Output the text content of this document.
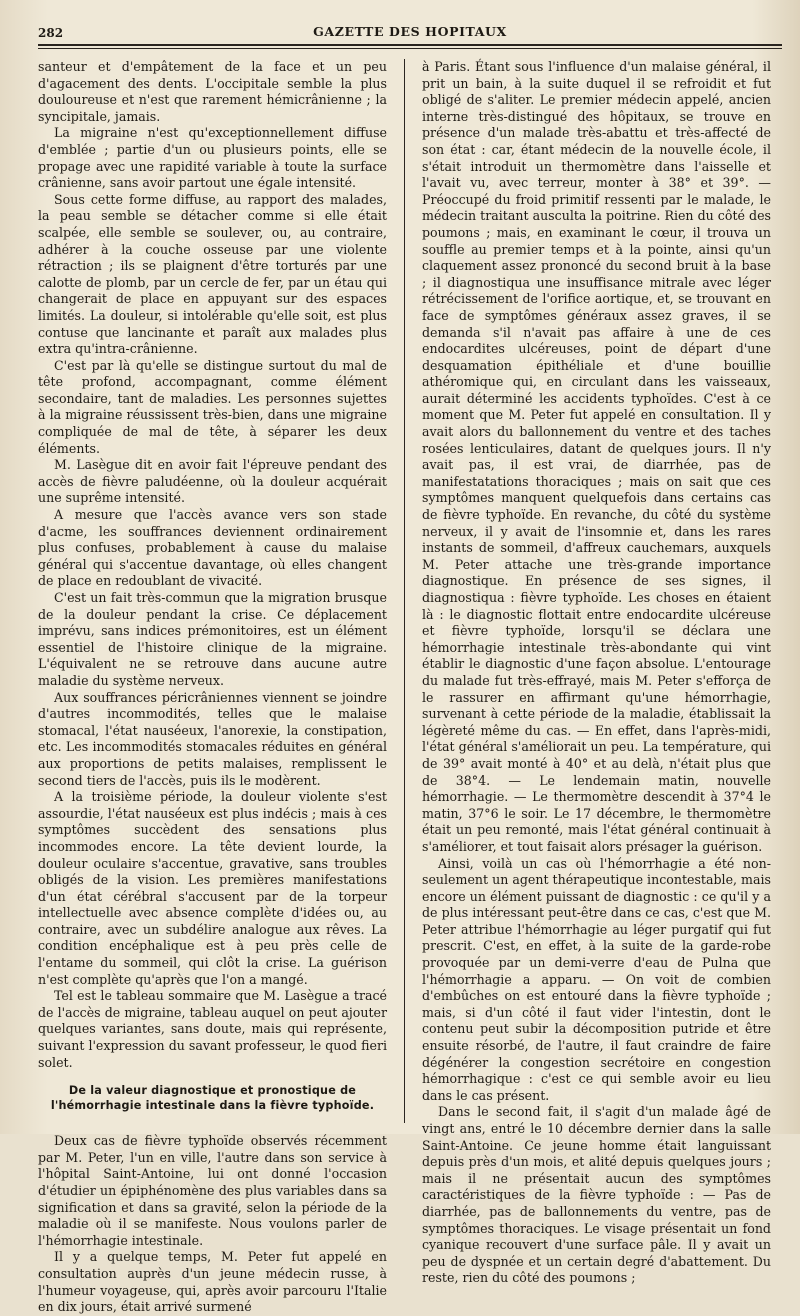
282	GAZETTE DES HOPITAUX

santeur et d'empâtement de la face et un peu d'agacement des dents. L'occipitale semble la plus douloureuse et n'est que rarement hémicrânienne ; la syncipitale, jamais.

La migraine n'est qu'exceptionnellement diffuse d'emblée ; partie d'un ou plusieurs points, elle se propage avec une rapidité variable à toute la surface crânienne, sans avoir partout une égale intensité.

Sous cette forme diffuse, au rapport des malades, la peau semble se détacher comme si elle était scalpée, elle semble se soulever, ou, au contraire, adhérer à la couche osseuse par une violente rétraction ; ils se plaignent d'être torturés par une calotte de plomb, par un cercle de fer, par un étau qui changerait de place en appuyant sur des espaces limités. La douleur, si intolérable qu'elle soit, est plus contuse que lancinante et paraît aux malades plus extra qu'intra-crânienne.

C'est par là qu'elle se distingue surtout du mal de tête profond, accompagnant, comme élément secondaire, tant de maladies. Les personnes sujettes à la migraine réussissent très-bien, dans une migraine compliquée de mal de tête, à séparer les deux éléments.

M. Lasègue dit en avoir fait l'épreuve pendant des accès de fièvre paludéenne, où la douleur acquérait une suprême intensité.

A mesure que l'accès avance vers son stade d'acme, les souffrances deviennent ordinairement plus confuses, probablement à cause du malaise général qui s'accentue davantage, où elles changent de place en redoublant de vivacité.

C'est un fait très-commun que la migration brusque de la douleur pendant la crise. Ce déplacement imprévu, sans indices prémonitoires, est un élément essentiel de l'histoire clinique de la migraine. L'équivalent ne se retrouve dans aucune autre maladie du système nerveux.

Aux souffrances péricrâniennes viennent se joindre d'autres incommodités, telles que le malaise stomacal, l'état nauséeux, l'anorexie, la constipation, etc. Les incommodités stomacales réduites en général aux proportions de petits malaises, remplissent le second tiers de l'accès, puis ils le modèrent.

A la troisième période, la douleur violente s'est assourdie, l'état nauséeux est plus indécis ; mais à ces symptômes succèdent des sensations plus incommodes encore. La tête devient lourde, la douleur oculaire s'accentue, gravative, sans troubles obligés de la vision. Les premières manifestations d'un état cérébral s'accusent par de la torpeur intellectuelle avec absence complète d'idées ou, au contraire, avec un subdélire analogue aux rêves. La condition encéphalique est à peu près celle de l'entame du sommeil, qui clôt la crise. La guérison n'est complète qu'après que l'on a mangé.

Tel est le tableau sommaire que M. Lasègue a tracé de l'accès de migraine, tableau auquel on peut ajouter quelques variantes, sans doute, mais qui représente, suivant l'expression du savant professeur, le quod fieri solet.

De la valeur diagnostique et pronostique de l'hémorrhagie intestinale dans la fièvre typhoïde.

Deux cas de fièvre typhoïde observés récemment par M. Peter, l'un en ville, l'autre dans son service à l'hôpital Saint-Antoine, lui ont donné l'occasion d'étudier un épiphénomène des plus variables dans sa signification et dans sa gravité, selon la période de la maladie où il se manifeste. Nous voulons parler de l'hémorrhagie intestinale.

Il y a quelque temps, M. Peter fut appelé en consultation auprès d'un jeune médecin russe, à l'humeur voyageuse, qui, après avoir parcouru l'Italie en dix jours, était arrivé surmené

à Paris. Étant sous l'influence d'un malaise général, il prit un bain, à la suite duquel il se refroidit et fut obligé de s'aliter. Le premier médecin appelé, ancien interne très-distingué des hôpitaux, se trouve en présence d'un malade très-abattu et très-affecté de son état : car, étant médecin de la nouvelle école, il s'était introduit un thermomètre dans l'aisselle et l'avait vu, avec terreur, monter à 38° et 39°. — Préoccupé du froid primitif ressenti par le malade, le médecin traitant ausculta la poitrine. Rien du côté des poumons ; mais, en examinant le cœur, il trouva un souffle au premier temps et à la pointe, ainsi qu'un claquement assez prononcé du second bruit à la base ; il diagnostiqua une insuffisance mitrale avec léger rétrécissement de l'orifice aortique, et, se trouvant en face de symptômes généraux assez graves, il se demanda s'il n'avait pas affaire à une de ces endocardites ulcéreuses, point de départ d'une desquamation épithéliale et d'une bouillie athéromique qui, en circulant dans les vaisseaux, aurait déterminé les accidents typhoïdes. C'est à ce moment que M. Peter fut appelé en consultation. Il y avait alors du ballonnement du ventre et des taches rosées lenticulaires, datant de quelques jours. Il n'y avait pas, il est vrai, de diarrhée, pas de manifestatations thoraciques ; mais on sait que ces symptômes manquent quelquefois dans certains cas de fièvre typhoïde. En revanche, du côté du système nerveux, il y avait de l'insomnie et, dans les rares instants de sommeil, d'affreux cauchemars, auxquels M. Peter attache une très-grande importance diagnostique. En présence de ses signes, il diagnostiqua : fièvre typhoïde. Les choses en étaient là : le diagnostic flottait entre endocardite ulcéreuse et fièvre typhoïde, lorsqu'il se déclara une hémorrhagie intestinale très-abondante qui vint établir le diagnostic d'une façon absolue. L'entourage du malade fut très-effrayé, mais M. Peter s'efforça de le rassurer en affirmant qu'une hémorrhagie, survenant à cette période de la maladie, établissait la légèreté même du cas. — En effet, dans l'après-midi, l'état général s'améliorait un peu. La température, qui de 39° avait monté à 40° et au delà, n'était plus que de 38°4. — Le lendemain matin, nouvelle hémorrhagie. — Le thermomètre descendit à 37°4 le matin, 37°6 le soir. Le 17 décembre, le thermomètre était un peu remonté, mais l'état général continuait à s'améliorer, et tout faisait alors présager la guérison.

Ainsi, voilà un cas où l'hémorrhagie a été non-seulement un agent thérapeutique incontestable, mais encore un élément puissant de diagnostic : ce qu'il y a de plus intéressant peut-être dans ce cas, c'est que M. Peter attribue l'hémorrhagie au léger purgatif qui fut prescrit. C'est, en effet, à la suite de la garde-robe provoquée par un demi-verre d'eau de Pulna que l'hémorrhagie a apparu. — On voit de combien d'embûches on est entouré dans la fièvre typhoïde ; mais, si d'un côté il faut vider l'intestin, dont le contenu peut subir la décomposition putride et être ensuite résorbé, de l'autre, il faut craindre de faire dégénérer la congestion secrétoire en congestion hémorrhagique : c'est ce qui semble avoir eu lieu dans le cas présent.

Dans le second fait, il s'agit d'un malade âgé de vingt ans, entré le 10 décembre dernier dans la salle Saint-Antoine. Ce jeune homme était languissant depuis près d'un mois, et alité depuis quelques jours ; mais il ne présentait aucun des symptômes caractéristiques de la fièvre typhoïde : — Pas de diarrhée, pas de ballonnements du ventre, pas de symptômes thoraciques. Le visage présentait un fond cyanique recouvert d'une surface pâle. Il y avait un peu de dyspnée et un certain degré d'abattement. Du reste, rien du côté des poumons ;
